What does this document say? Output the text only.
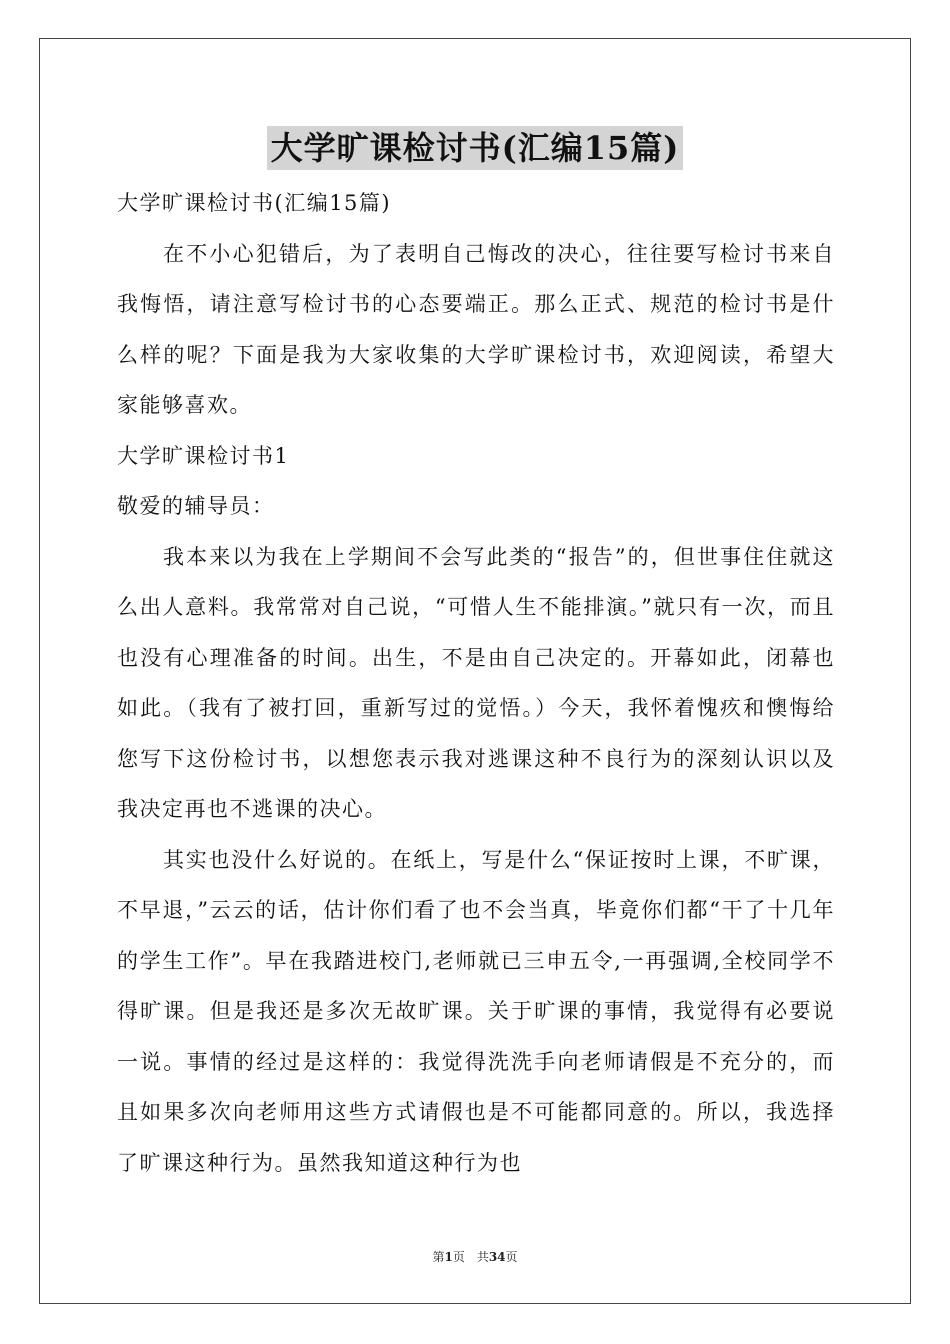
大学旷课检讨书(汇编15篇)

大学旷课检讨书(汇编15篇)

在不小心犯错后，为了表明自己悔改的决心，往往要写检讨书来自我悔悟，请注意写检讨书的心态要端正。那么正式、规范的检讨书是什么样的呢？下面是我为大家收集的大学旷课检讨书，欢迎阅读，希望大家能够喜欢。

大学旷课检讨书1

敬爱的辅导员：

我本来以为我在上学期间不会写此类的“报告”的，但世事住住就这么出人意料。我常常对自己说，“可惜人生不能排演。”就只有一次，而且也没有心理准备的时间。出生，不是由自己决定的。开幕如此，闭幕也如此。（我有了被打回，重新写过的觉悟。）今天，我怀着愧疚和懊悔给您写下这份检讨书，以想您表示我对逃课这种不良行为的深刻认识以及我决定再也不逃课的决心。

其实也没什么好说的。在纸上，写是什么“保证按时上课，不旷课，不早退，”云云的话，估计你们看了也不会当真，毕竟你们都“干了十几年的学生工作”。早在我踏进校门,老师就已三申五令,一再强调,全校同学不得旷课。但是我还是多次无故旷课。关于旷课的事情，我觉得有必要说一说。事情的经过是这样的：我觉得洗洗手向老师请假是不充分的，而且如果多次向老师用这些方式请假也是不可能都同意的。所以，我选择了旷课这种行为。虽然我知道这种行为也

第1页　共34页
